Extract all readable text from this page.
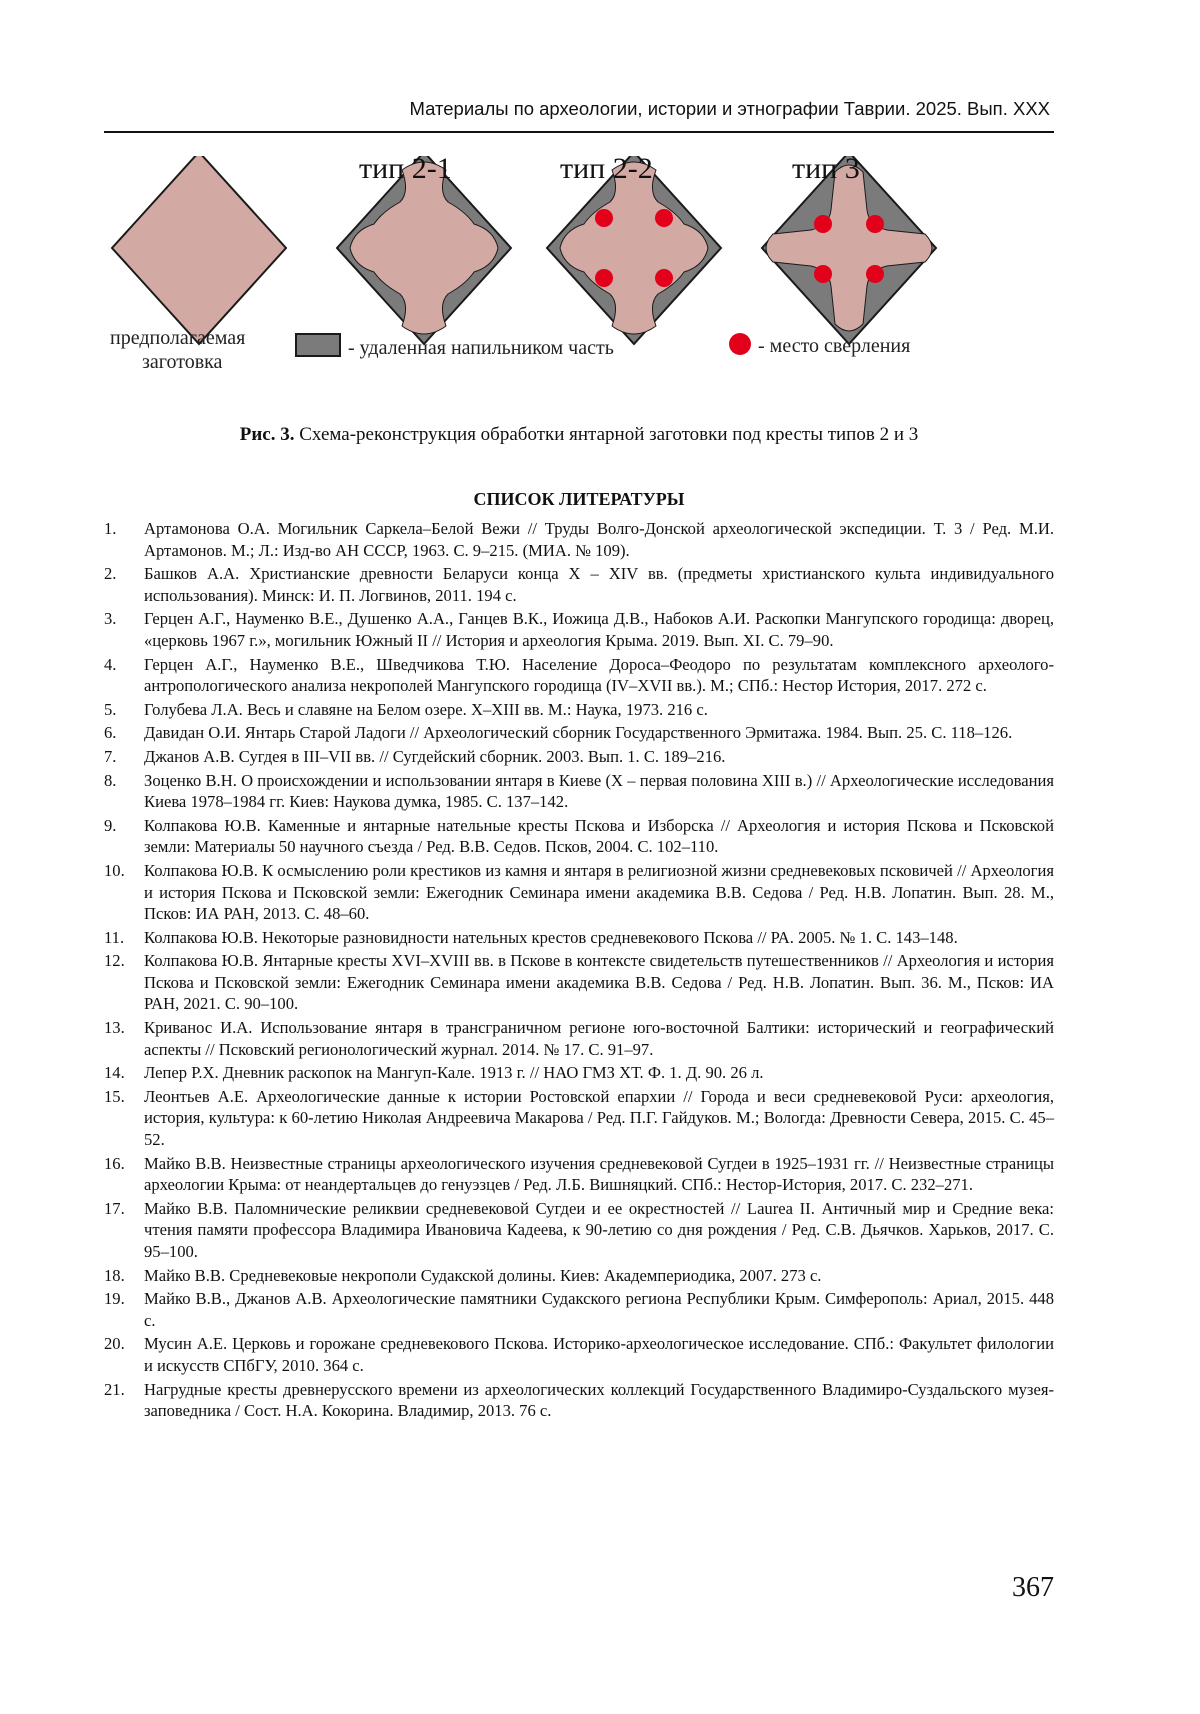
Материалы по археологии, истории и этнографии Таврии. 2025. Вып. XXX
тип 2-1	тип 2-2	тип 3
предполагаемая
заготовка
- удаленная напильником часть	- место сверления
Рис. 3. Схема-реконструкция обработки янтарной заготовки под кресты типов 2 и 3
СПИСОК ЛИТЕРАТУРЫ
1.	Артамонова О.А. Могильник Саркела–Белой Вежи // Труды Волго-Донской археологической экспедиции. Т. 3 / Ред. М.И. Артамонов. М.; Л.: Изд-во АН СССР, 1963. С. 9–215. (МИА. № 109).
2.	Башков А.А. Христианские древности Беларуси конца X – XIV вв. (предметы христианского культа индивидуального использования). Минск: И. П. Логвинов, 2011. 194 с.
3.	Герцен А.Г., Науменко В.Е., Душенко А.А., Ганцев В.К., Иожица Д.В., Набоков А.И. Раскопки Мангупского городища: дворец, «церковь 1967 г.», могильник Южный II // История и археология Крыма. 2019. Вып. XI. С. 79–90.
4.	Герцен А.Г., Науменко В.Е., Шведчикова Т.Ю. Население Дороса–Феодоро по результатам комплексного археолого-антропологического анализа некрополей Мангупского городища (IV–XVII вв.). М.; СПб.: Нестор История, 2017. 272 с.
5.	Голубева Л.А. Весь и славяне на Белом озере. X–XIII вв. М.: Наука, 1973. 216 с.
6.	Давидан О.И. Янтарь Старой Ладоги // Археологический сборник Государственного Эрмитажа. 1984. Вып. 25. С. 118–126.
7.	Джанов А.В. Сугдея в III–VII вв. // Сугдейский сборник. 2003. Вып. 1. С. 189–216.
8.	Зоценко В.Н. О происхождении и использовании янтаря в Киеве (X – первая половина XIII в.) // Археологические исследования Киева 1978–1984 гг. Киев: Наукова думка, 1985. С. 137–142.
9.	Колпакова Ю.В. Каменные и янтарные нательные кресты Пскова и Изборска // Археология и история Пскова и Псковской земли: Материалы 50 научного съезда / Ред. В.В. Седов. Псков, 2004. С. 102–110.
10.	Колпакова Ю.В. К осмыслению роли крестиков из камня и янтаря в религиозной жизни средневековых псковичей // Археология и история Пскова и Псковской земли: Ежегодник Семинара имени академика В.В. Седова / Ред. Н.В. Лопатин. Вып. 28. М., Псков: ИА РАН, 2013. С. 48–60.
11.	Колпакова Ю.В. Некоторые разновидности нательных крестов средневекового Пскова // РА. 2005. № 1. С. 143–148.
12.	Колпакова Ю.В. Янтарные кресты XVI–XVIII вв. в Пскове в контексте свидетельств путешественников // Археология и история Пскова и Псковской земли: Ежегодник Семинара имени академика В.В. Седова / Ред. Н.В. Лопатин. Вып. 36. М., Псков: ИА РАН, 2021. С. 90–100.
13.	Криванос И.А. Использование янтаря в трансграничном регионе юго-восточной Балтики: исторический и географический аспекты // Псковский регионологический журнал. 2014. № 17. С. 91–97.
14.	Лепер Р.Х. Дневник раскопок на Мангуп-Кале. 1913 г. // НАО ГМЗ ХТ. Ф. 1. Д. 90. 26 л.
15.	Леонтьев А.Е. Археологические данные к истории Ростовской епархии // Города и веси средневековой Руси: археология, история, культура: к 60-летию Николая Андреевича Макарова / Ред. П.Г. Гайдуков. М.; Вологда: Древности Севера, 2015. С. 45–52.
16.	Майко В.В. Неизвестные страницы археологического изучения средневековой Сугдеи в 1925–1931 гг. // Неизвестные страницы археологии Крыма: от неандертальцев до генуэзцев / Ред. Л.Б. Вишняцкий. СПб.: Нестор-История, 2017. С. 232–271.
17.	Майко В.В. Паломнические реликвии средневековой Сугдеи и ее окрестностей // Laurea II. Античный мир и Средние века: чтения памяти профессора Владимира Ивановича Кадеева, к 90-летию со дня рождения / Ред. С.В. Дьячков. Харьков, 2017. С. 95–100.
18.	Майко В.В. Средневековые некрополи Судакской долины. Киев: Академпериодика, 2007. 273 с.
19.	Майко В.В., Джанов А.В. Археологические памятники Судакского региона Республики Крым. Симферополь: Ариал, 2015. 448 с.
20.	Мусин А.Е. Церковь и горожане средневекового Пскова. Историко-археологическое исследование. СПб.: Факультет филологии и искусств СПбГУ, 2010. 364 с.
21.	Нагрудные кресты древнерусского времени из археологических коллекций Государственного Владимиро-Суздальского музея-заповедника / Сост. Н.А. Кокорина. Владимир, 2013. 76 с.
367
